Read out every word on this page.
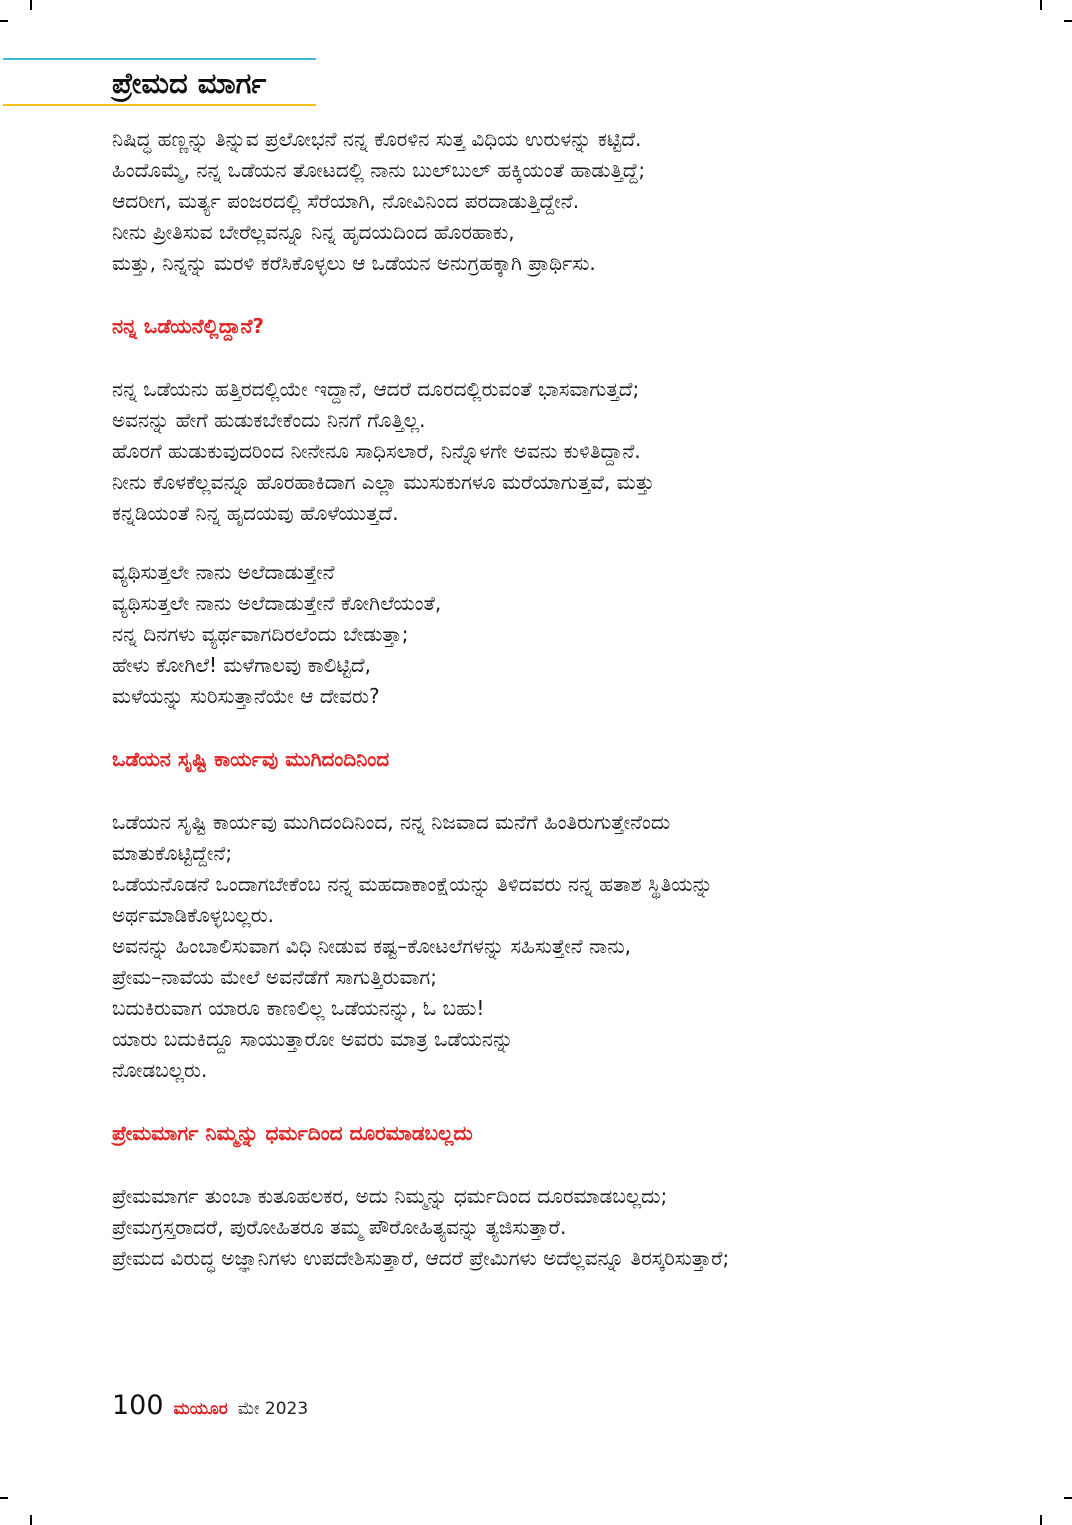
ಪ್ರೇಮದ ಮಾರ್ಗ

ನಿಷಿದ್ಧ ಹಣ್ಣನ್ನು ತಿನ್ನುವ ಪ್ರಲೋಭನೆ ನನ್ನ ಕೊರಳಿನ ಸುತ್ತ ವಿಧಿಯ ಉರುಳನ್ನು ಕಟ್ಟಿದೆ.
ಹಿಂದೊಮ್ಮೆ, ನನ್ನ ಒಡೆಯನ ತೋಟದಲ್ಲಿ ನಾನು ಬುಲ್‌ಬುಲ್ ಹಕ್ಕಿಯಂತೆ ಹಾಡುತ್ತಿದ್ದೆ;
ಆದರೀಗ, ಮರ್ತ್ಯ ಪಂಜರದಲ್ಲಿ ಸೆರೆಯಾಗಿ, ನೋವಿನಿಂದ ಪರದಾಡುತ್ತಿದ್ದೇನೆ.
ನೀನು ಪ್ರೀತಿಸುವ ಬೇರೆಲ್ಲವನ್ನೂ ನಿನ್ನ ಹೃದಯದಿಂದ ಹೊರಹಾಕು,
ಮತ್ತು, ನಿನ್ನನ್ನು ಮರಳಿ ಕರೆಸಿಕೊಳ್ಳಲು ಆ ಒಡೆಯನ ಅನುಗ್ರಹಕ್ಕಾಗಿ ಪ್ರಾರ್ಥಿಸು.

ನನ್ನ ಒಡೆಯನೆಲ್ಲಿದ್ದಾನೆ?

ನನ್ನ ಒಡೆಯನು ಹತ್ತಿರದಲ್ಲಿಯೇ ಇದ್ದಾನೆ, ಆದರೆ ದೂರದಲ್ಲಿರುವಂತೆ ಭಾಸವಾಗುತ್ತದೆ;
ಅವನನ್ನು ಹೇಗೆ ಹುಡುಕಬೇಕೆಂದು ನಿನಗೆ ಗೊತ್ತಿಲ್ಲ.
ಹೊರಗೆ ಹುಡುಕುವುದರಿಂದ ನೀನೇನೂ ಸಾಧಿಸಲಾರೆ, ನಿನ್ನೊಳಗೇ ಅವನು ಕುಳಿತಿದ್ದಾನೆ.
ನೀನು ಕೊಳಕೆಲ್ಲವನ್ನೂ ಹೊರಹಾಕಿದಾಗ ಎಲ್ಲಾ ಮುಸುಕುಗಳೂ ಮರೆಯಾಗುತ್ತವೆ, ಮತ್ತು
ಕನ್ನಡಿಯಂತೆ ನಿನ್ನ ಹೃದಯವು ಹೊಳೆಯುತ್ತದೆ.

ವ್ಯಥಿಸುತ್ತಲೇ ನಾನು ಅಲೆದಾಡುತ್ತೇನೆ
ವ್ಯಥಿಸುತ್ತಲೇ ನಾನು ಅಲೆದಾಡುತ್ತೇನೆ ಕೋಗಿಲೆಯಂತೆ,
ನನ್ನ ದಿನಗಳು ವ್ಯರ್ಥವಾಗದಿರಲೆಂದು ಬೇಡುತ್ತಾ;
ಹೇಳು ಕೋಗಿಲೆ! ಮಳೆಗಾಲವು ಕಾಲಿಟ್ಟಿದೆ,
ಮಳೆಯನ್ನು ಸುರಿಸುತ್ತಾನೆಯೇ ಆ ದೇವರು?

ಒಡೆಯನ ಸೃಷ್ಟಿ ಕಾರ್ಯವು ಮುಗಿದಂದಿನಿಂದ

ಒಡೆಯನ ಸೃಷ್ಟಿ ಕಾರ್ಯವು ಮುಗಿದಂದಿನಿಂದ, ನನ್ನ ನಿಜವಾದ ಮನೆಗೆ ಹಿಂತಿರುಗುತ್ತೇನೆಂದು
ಮಾತುಕೊಟ್ಟಿದ್ದೇನೆ;
ಒಡೆಯನೊಡನೆ ಒಂದಾಗಬೇಕೆಂಬ ನನ್ನ ಮಹದಾಕಾಂಕ್ಷೆಯನ್ನು ತಿಳಿದವರು ನನ್ನ ಹತಾಶ ಸ್ಥಿತಿಯನ್ನು
ಅರ್ಥಮಾಡಿಕೊಳ್ಳಬಲ್ಲರು.
ಅವನನ್ನು ಹಿಂಬಾಲಿಸುವಾಗ ವಿಧಿ ನೀಡುವ ಕಷ್ಟ–ಕೋಟಲೆಗಳನ್ನು ಸಹಿಸುತ್ತೇನೆ ನಾನು,
ಪ್ರೇಮ–ನಾವೆಯ ಮೇಲೆ ಅವನೆಡೆಗೆ ಸಾಗುತ್ತಿರುವಾಗ;
ಬದುಕಿರುವಾಗ ಯಾರೂ ಕಾಣಲಿಲ್ಲ ಒಡೆಯನನ್ನು, ಓ ಬಹು!
ಯಾರು ಬದುಕಿದ್ದೂ ಸಾಯುತ್ತಾರೋ ಅವರು ಮಾತ್ರ ಒಡೆಯನನ್ನು
ನೋಡಬಲ್ಲರು.

ಪ್ರೇಮಮಾರ್ಗ ನಿಮ್ಮನ್ನು ಧರ್ಮದಿಂದ ದೂರಮಾಡಬಲ್ಲದು

ಪ್ರೇಮಮಾರ್ಗ ತುಂಬಾ ಕುತೂಹಲಕರ, ಅದು ನಿಮ್ಮನ್ನು ಧರ್ಮದಿಂದ ದೂರಮಾಡಬಲ್ಲದು;
ಪ್ರೇಮಗ್ರಸ್ತರಾದರೆ, ಪುರೋಹಿತರೂ ತಮ್ಮ ಪೌರೋಹಿತ್ಯವನ್ನು ತ್ಯಜಿಸುತ್ತಾರೆ.
ಪ್ರೇಮದ ವಿರುದ್ಧ ಅಜ್ಞಾನಿಗಳು ಉಪದೇಶಿಸುತ್ತಾರೆ, ಆದರೆ ಪ್ರೇಮಿಗಳು ಅದೆಲ್ಲವನ್ನೂ ತಿರಸ್ಕರಿಸುತ್ತಾರೆ;

100 ಮಯೂರ ಮೇ 2023
